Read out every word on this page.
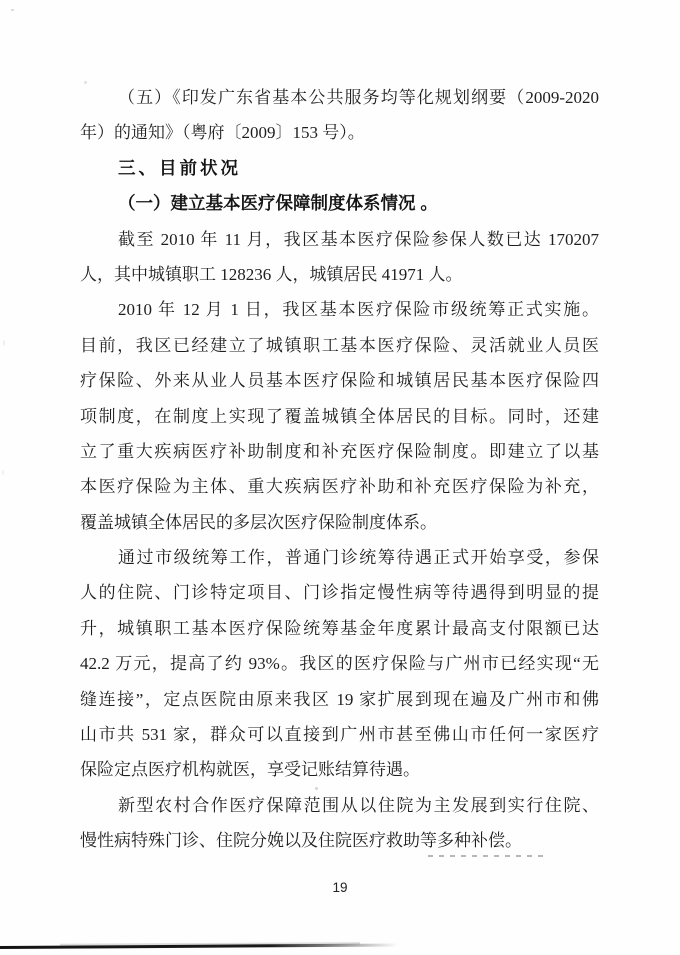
（五）《印发广东省基本公共服务均等化规划纲要（2009-2020
年）的通知》（粤府〔2009〕153 号）。
三、目前状况
（一）建立基本医疗保障制度体系情况 。
截至 2010 年 11 月，我区基本医疗保险参保人数已达 170207
人，其中城镇职工 128236 人，城镇居民 41971 人。
2010 年 12 月 1 日，我区基本医疗保险市级统筹正式实施。
目前，我区已经建立了城镇职工基本医疗保险、灵活就业人员医
疗保险、外来从业人员基本医疗保险和城镇居民基本医疗保险四
项制度，在制度上实现了覆盖城镇全体居民的目标。同时，还建
立了重大疾病医疗补助制度和补充医疗保险制度。即建立了以基
本医疗保险为主体、重大疾病医疗补助和补充医疗保险为补充，
覆盖城镇全体居民的多层次医疗保险制度体系。
通过市级统筹工作，普通门诊统筹待遇正式开始享受，参保
人的住院、门诊特定项目、门诊指定慢性病等待遇得到明显的提
升，城镇职工基本医疗保险统筹基金年度累计最高支付限额已达
42.2 万元，提高了约 93%。我区的医疗保险与广州市已经实现“无
缝连接”，定点医院由原来我区 19 家扩展到现在遍及广州市和佛
山市共 531 家，群众可以直接到广州市甚至佛山市任何一家医疗
保险定点医疗机构就医，享受记账结算待遇。
新型农村合作医疗保障范围从以住院为主发展到实行住院、
慢性病特殊门诊、住院分娩以及住院医疗救助等多种补偿。
19
